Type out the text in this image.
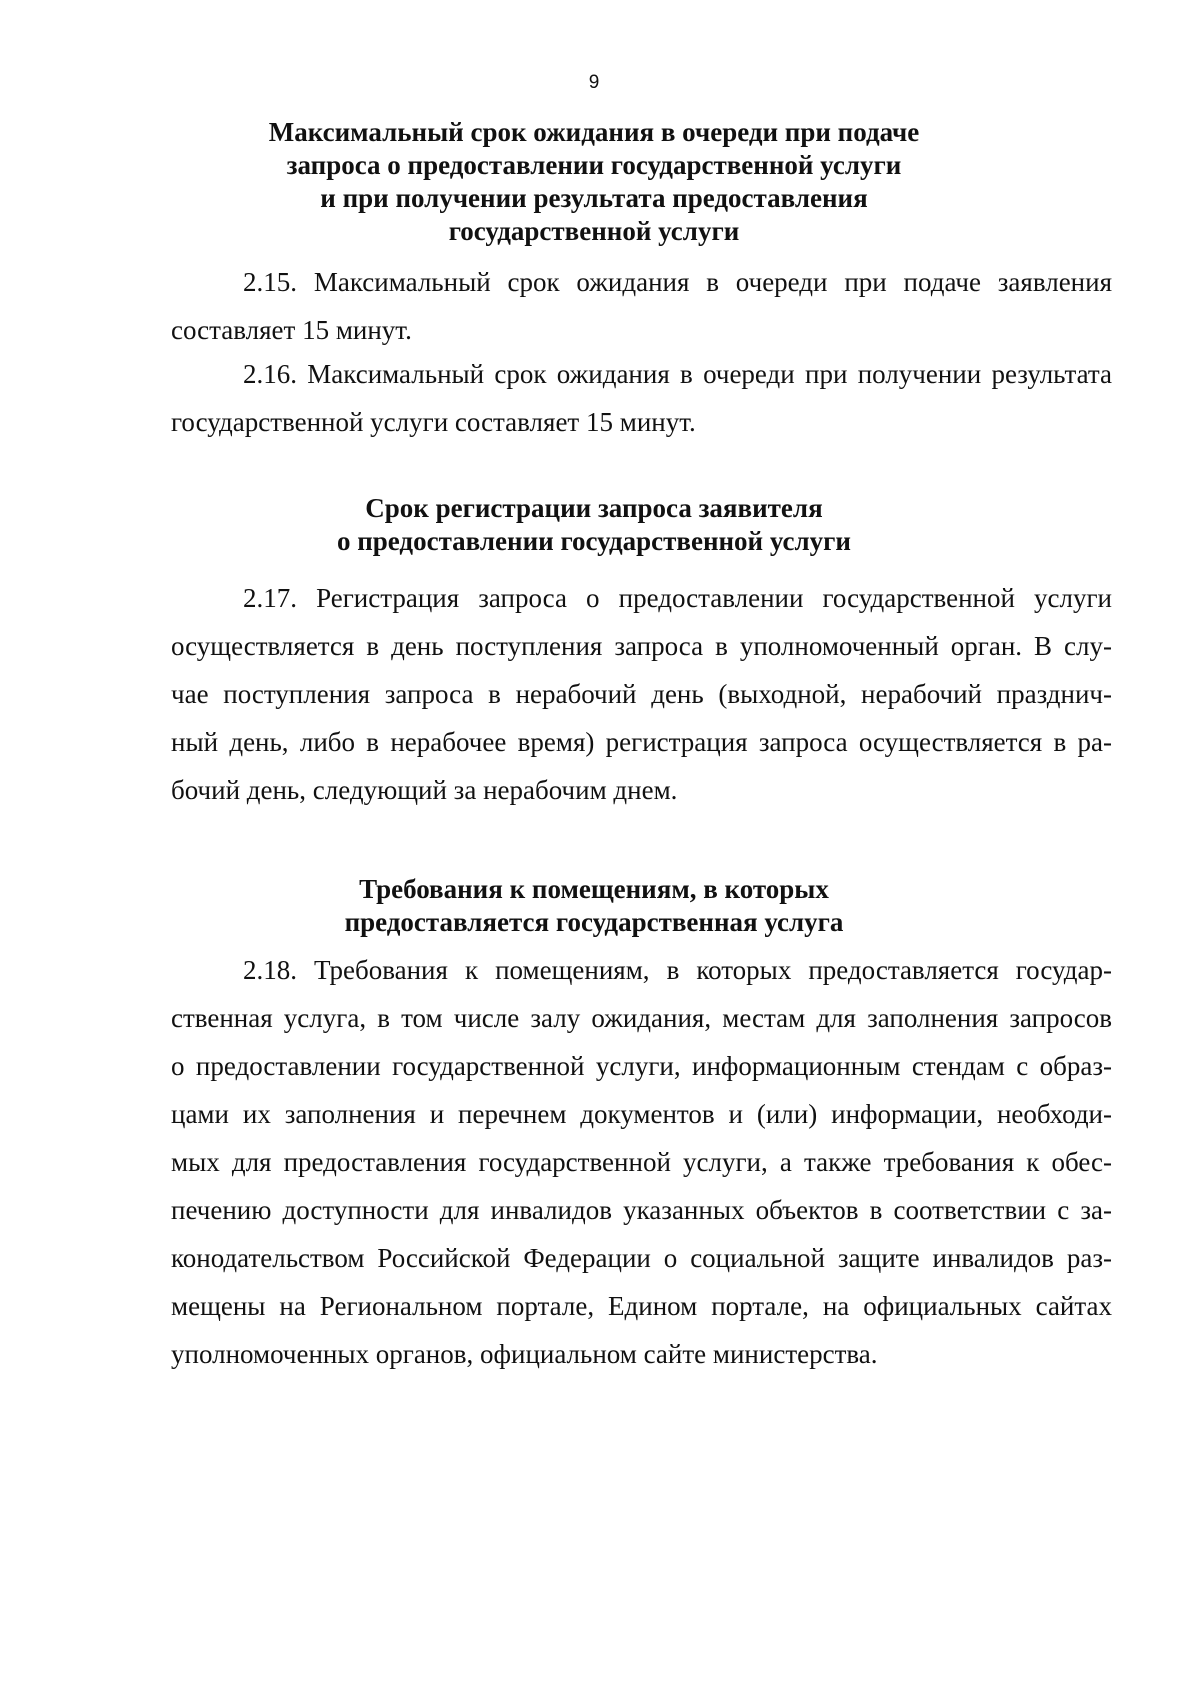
9
Максимальный срок ожидания в очереди при подаче
запроса о предоставлении государственной услуги
и при получении результата предоставления
государственной услуги
2.15. Максимальный срок ожидания в очереди при подаче заявления
составляет 15 минут.
2.16. Максимальный срок ожидания в очереди при получении результата
государственной услуги составляет 15 минут.
Срок регистрации запроса заявителя
о предоставлении государственной услуги
2.17. Регистрация запроса о предоставлении государственной услуги
осуществляется в день поступления запроса в уполномоченный орган. В слу-
чае поступления запроса в нерабочий день (выходной, нерабочий празднич-
ный день, либо в нерабочее время) регистрация запроса осуществляется в ра-
бочий день, следующий за нерабочим днем.
Требования к помещениям, в которых
предоставляется государственная услуга
2.18. Требования к помещениям, в которых предоставляется государ-
ственная услуга, в том числе залу ожидания, местам для заполнения запросов
о предоставлении государственной услуги, информационным стендам с образ-
цами их заполнения и перечнем документов и (или) информации, необходи-
мых для предоставления государственной услуги, а также требования к обес-
печению доступности для инвалидов указанных объектов в соответствии с за-
конодательством Российской Федерации о социальной защите инвалидов раз-
мещены на Региональном портале, Едином портале, на официальных сайтах
уполномоченных органов, официальном сайте министерства.
